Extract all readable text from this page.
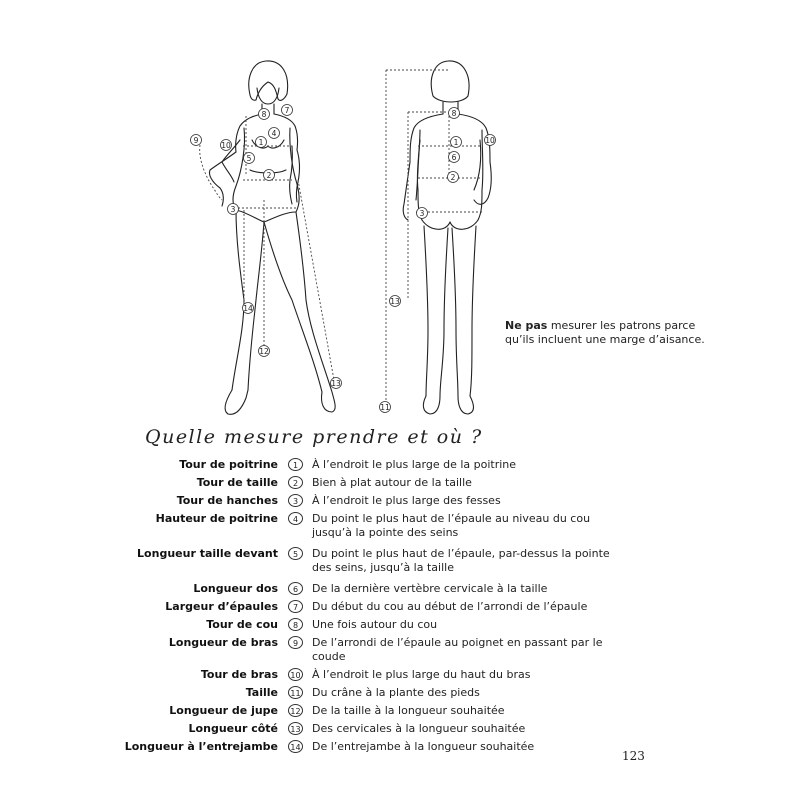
8 7
1
4
9
10
5
2
3
14
12
13
8
1	10
6
2
3
13
11
Ne pas mesurer les patrons parce qu’ils incluent une marge d’aisance.
Quelle mesure prendre et où ?
Tour de poitrine	1	À l’endroit le plus large de la poitrine
Tour de taille	2	Bien à plat autour de la taille
Tour de hanches	3	À l’endroit le plus large des fesses
Hauteur de poitrine	4	Du point le plus haut de l’épaule au niveau du cou jusqu’à la pointe des seins
Longueur taille devant	5	Du point le plus haut de l’épaule, par-dessus la pointe des seins, jusqu’à la taille
Longueur dos	6	De la dernière vertèbre cervicale à la taille
Largeur d’épaules	7	Du début du cou au début de l’arrondi de l’épaule
Tour de cou	8	Une fois autour du cou
Longueur de bras	9	De l’arrondi de l’épaule au poignet en passant par le coude
Tour de bras	10 À l’endroit le plus large du haut du bras
Taille	11 Du crâne à la plante des pieds
Longueur de jupe	12 De la taille à la longueur souhaitée
Longueur côté	13 Des cervicales à la longueur souhaitée
Longueur à l’entrejambe	14 De l’entrejambe à la longueur souhaitée
123
